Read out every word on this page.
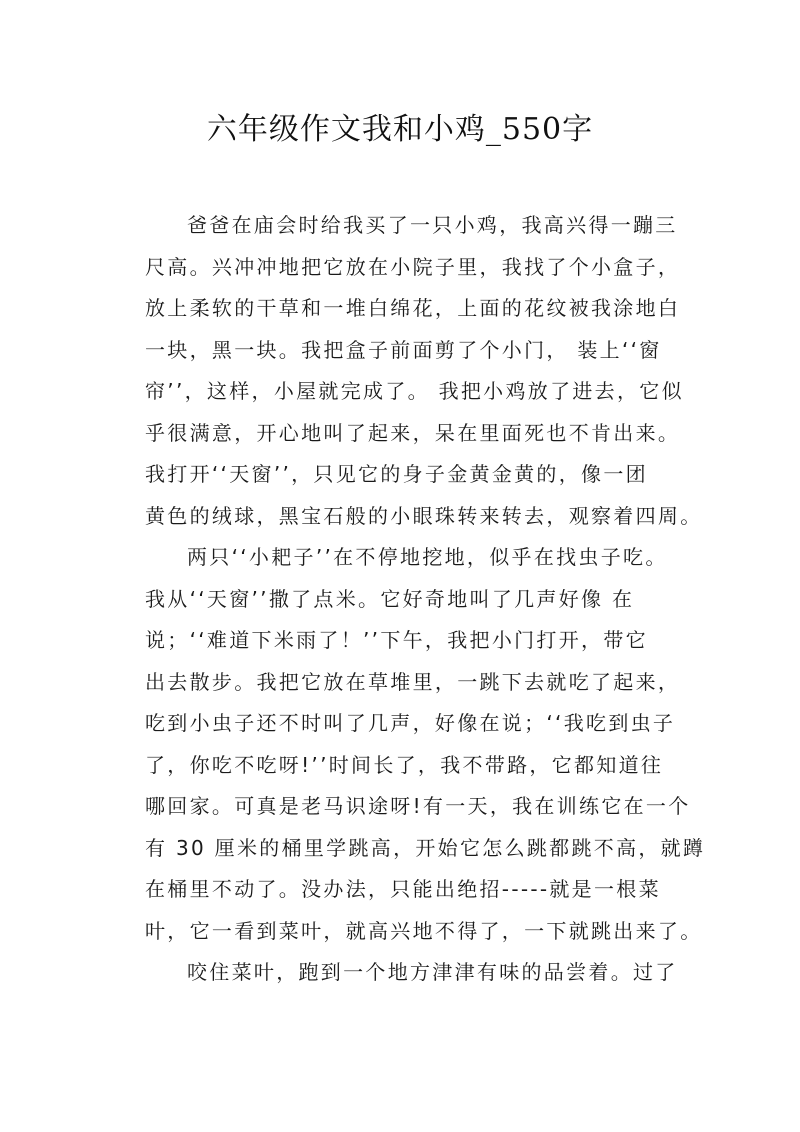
六年级作文我和小鸡_550字
爸爸在庙会时给我买了一只小鸡，我高兴得一蹦三
尺高。兴冲冲地把它放在小院子里，我找了个小盒子，
放上柔软的干草和一堆白绵花，上面的花纹被我涂地白
一块，黑一块。我把盒子前面剪了个小门， 装上‘‘窗
帘’’，这样，小屋就完成了。 我把小鸡放了进去，它似
乎很满意，开心地叫了起来，呆在里面死也不肯出来。
我打开‘‘天窗’’，只见它的身子金黄金黄的，像一团
黄色的绒球，黑宝石般的小眼珠转来转去，观察着四周。
两只‘‘小耙子’’在不停地挖地，似乎在找虫子吃。
我从‘‘天窗’’撒了点米。它好奇地叫了几声好像 在
说；‘‘难道下米雨了！’’下午，我把小门打开，带它
出去散步。我把它放在草堆里，一跳下去就吃了起来，
吃到小虫子还不时叫了几声，好像在说；‘‘我吃到虫子
了，你吃不吃呀!’’时间长了，我不带路，它都知道往
哪回家。可真是老马识途呀!有一天，我在训练它在一个
有 30 厘米的桶里学跳高，开始它怎么跳都跳不高，就蹲
在桶里不动了。没办法，只能出绝招-----就是一根菜
叶，它一看到菜叶，就高兴地不得了，一下就跳出来了。
咬住菜叶，跑到一个地方津津有味的品尝着。过了
